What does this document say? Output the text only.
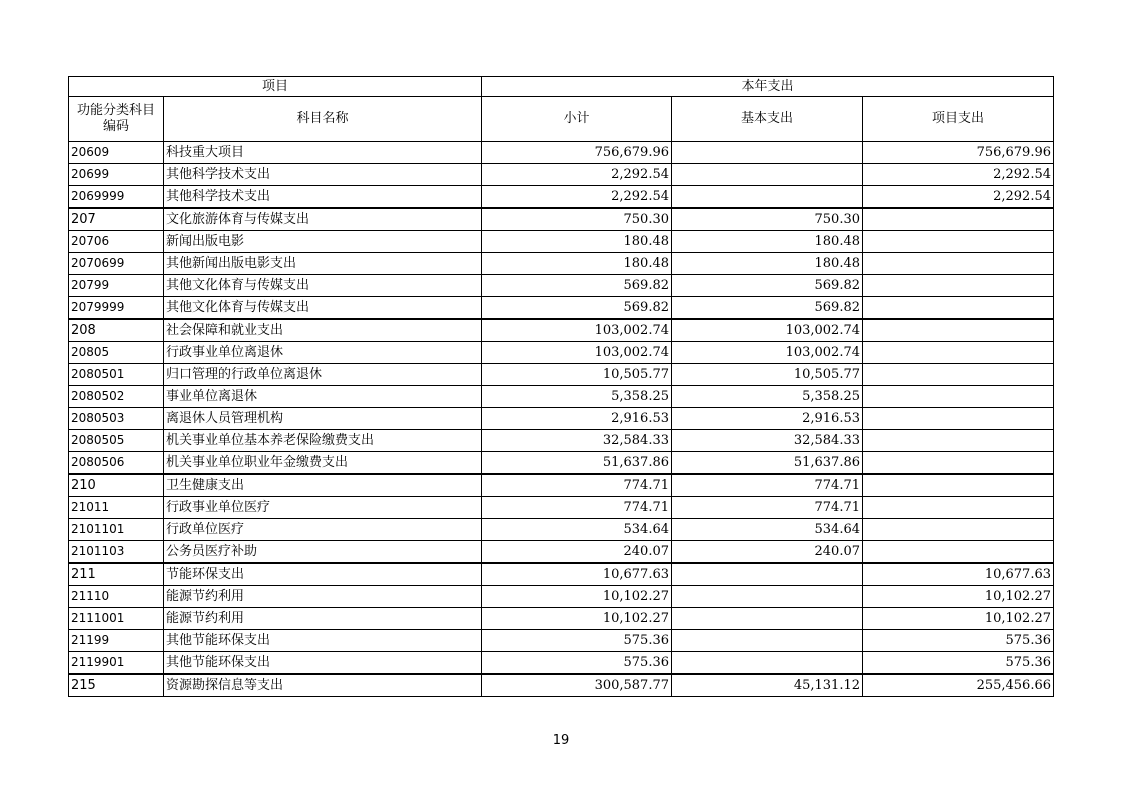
项目		本年支出		
功能分类科目编码	科目名称	小计	基本支出	项目支出
20609	科技重大项目	756,679.96		756,679.96
20699	其他科学技术支出	2,292.54		2,292.54
2069999	其他科学技术支出	2,292.54		2,292.54
207	文化旅游体育与传媒支出	750.30	750.30	
20706	新闻出版电影	180.48	180.48	
2070699	其他新闻出版电影支出	180.48	180.48	
20799	其他文化体育与传媒支出	569.82	569.82	
2079999	其他文化体育与传媒支出	569.82	569.82	
208	社会保障和就业支出	103,002.74	103,002.74	
20805	行政事业单位离退休	103,002.74	103,002.74	
2080501	归口管理的行政单位离退休	10,505.77	10,505.77	
2080502	事业单位离退休	5,358.25	5,358.25	
2080503	离退休人员管理机构	2,916.53	2,916.53	
2080505	机关事业单位基本养老保险缴费支出	32,584.33	32,584.33	
2080506	机关事业单位职业年金缴费支出	51,637.86	51,637.86	
210	卫生健康支出	774.71	774.71	
21011	行政事业单位医疗	774.71	774.71	
2101101	行政单位医疗	534.64	534.64	
2101103	公务员医疗补助	240.07	240.07	
211	节能环保支出	10,677.63		10,677.63
21110	能源节约利用	10,102.27		10,102.27
2111001	能源节约利用	10,102.27		10,102.27
21199	其他节能环保支出	575.36		575.36
2119901	其他节能环保支出	575.36		575.36
215	资源勘探信息等支出	300,587.77	45,131.12	255,456.66
19
